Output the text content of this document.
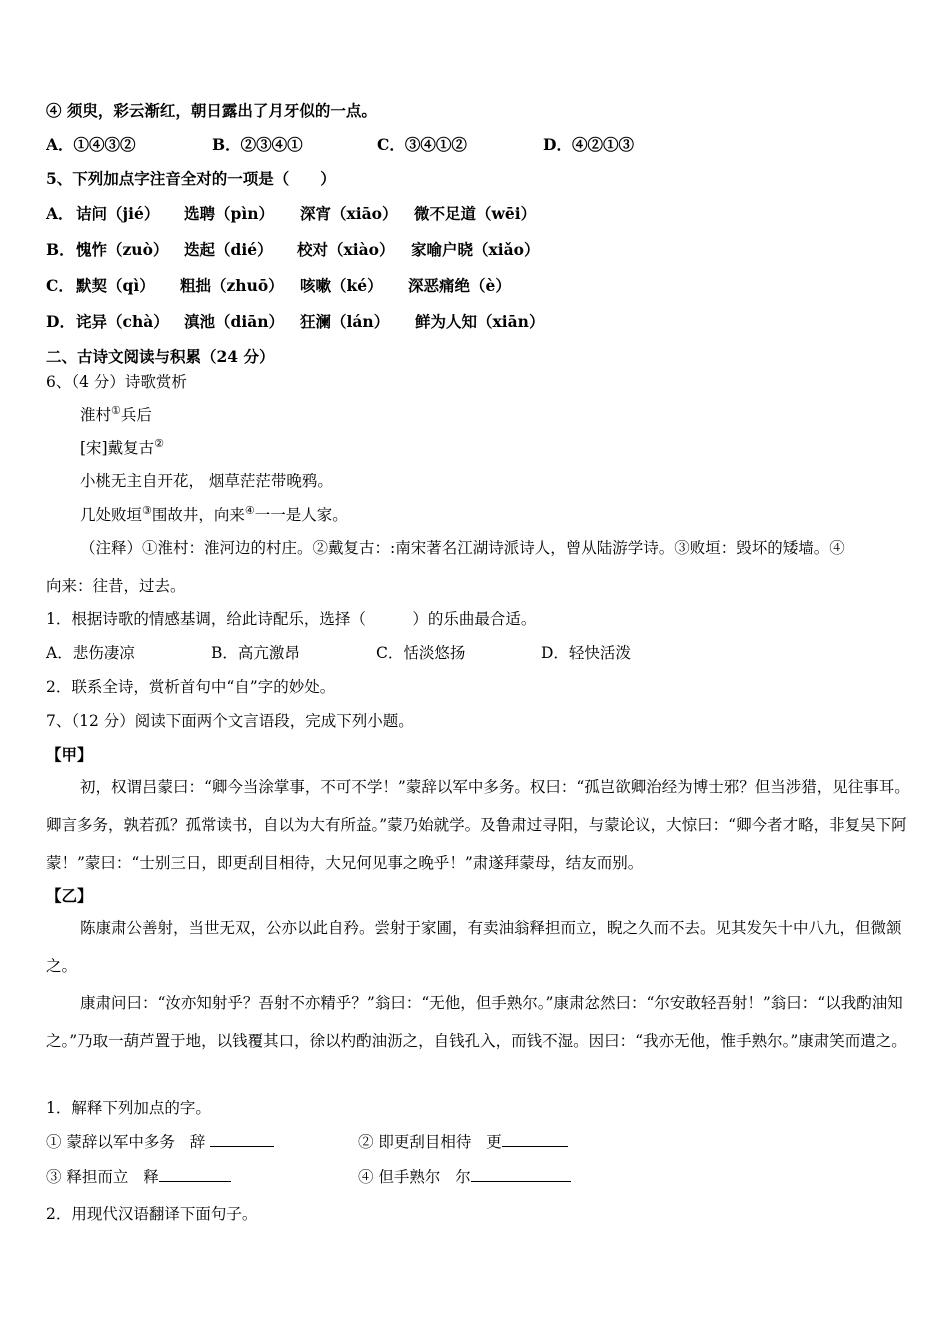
④ 须臾，彩云渐红，朝日露出了月牙似的一点。
A．①④③②	B．②③④①	C．③④①②	D．④②①③
5、下列加点字注音全对的一项是（　　）
A． 诘问（jié） 选聘（pìn） 深宵（xiāo） 微不足道（wēi）
B．愧怍（zuò） 迭起（dié） 校对（xiào） 家喻户晓（xiǎo）
C． 默契（qì） 粗拙（zhuō） 咳嗽（ké） 深恶痛绝（è）
D．诧异（chà） 滇池（diān） 狂澜（lán） 鲜为人知（xiān）
二、古诗文阅读与积累（24 分）
6、（4 分）诗歌赏析
淮村①兵后
[宋]戴复古②
小桃无主自开花， 烟草茫茫带晚鸦。
几处败垣③围故井，向来④一一是人家。
（注释）①淮村：淮河边的村庄。②戴复古：:南宋著名江湖诗派诗人，曾从陆游学诗。③败垣：毁坏的矮墙。④
向来：往昔，过去。
1．根据诗歌的情感基调，给此诗配乐，选择（　　　）的乐曲最合适。
A．悲伤凄凉	B．高亢激昂	C．恬淡悠扬	D．轻快活泼
2．联系全诗，赏析首句中“自”字的妙处。
7、（12 分）阅读下面两个文言语段，完成下列小题。
【甲】
初，权谓吕蒙曰：“卿今当涂掌事，不可不学！”蒙辞以军中多务。权曰：“孤岂欲卿治经为博士邪？但当涉猎，见往事耳。卿言多务，孰若孤？孤常读书，自以为大有所益。”蒙乃始就学。及鲁肃过寻阳，与蒙论议，大惊曰：“卿今者才略，非复吴下阿蒙！”蒙曰：“士别三日，即更刮目相待，大兄何见事之晚乎！”肃遂拜蒙母，结友而别。
【乙】
陈康肃公善射，当世无双，公亦以此自矜。尝射于家圃，有卖油翁释担而立，睨之久而不去。见其发矢十中八九，但微颔之。
康肃问曰：“汝亦知射乎？吾射不亦精乎？”翁曰：“无他，但手熟尔。”康肃忿然曰：“尔安敢轻吾射！”翁曰：“以我酌油知之。”乃取一葫芦置于地，以钱覆其口，徐以杓酌油沥之，自钱孔入，而钱不湿。因曰：“我亦无他，惟手熟尔。”康肃笑而遣之。
1．解释下列加点的字。
① 蒙辞以军中多务 辞	② 即更刮目相待 更
③ 释担而立 释	④ 但手熟尔 尔
2．用现代汉语翻译下面句子。
